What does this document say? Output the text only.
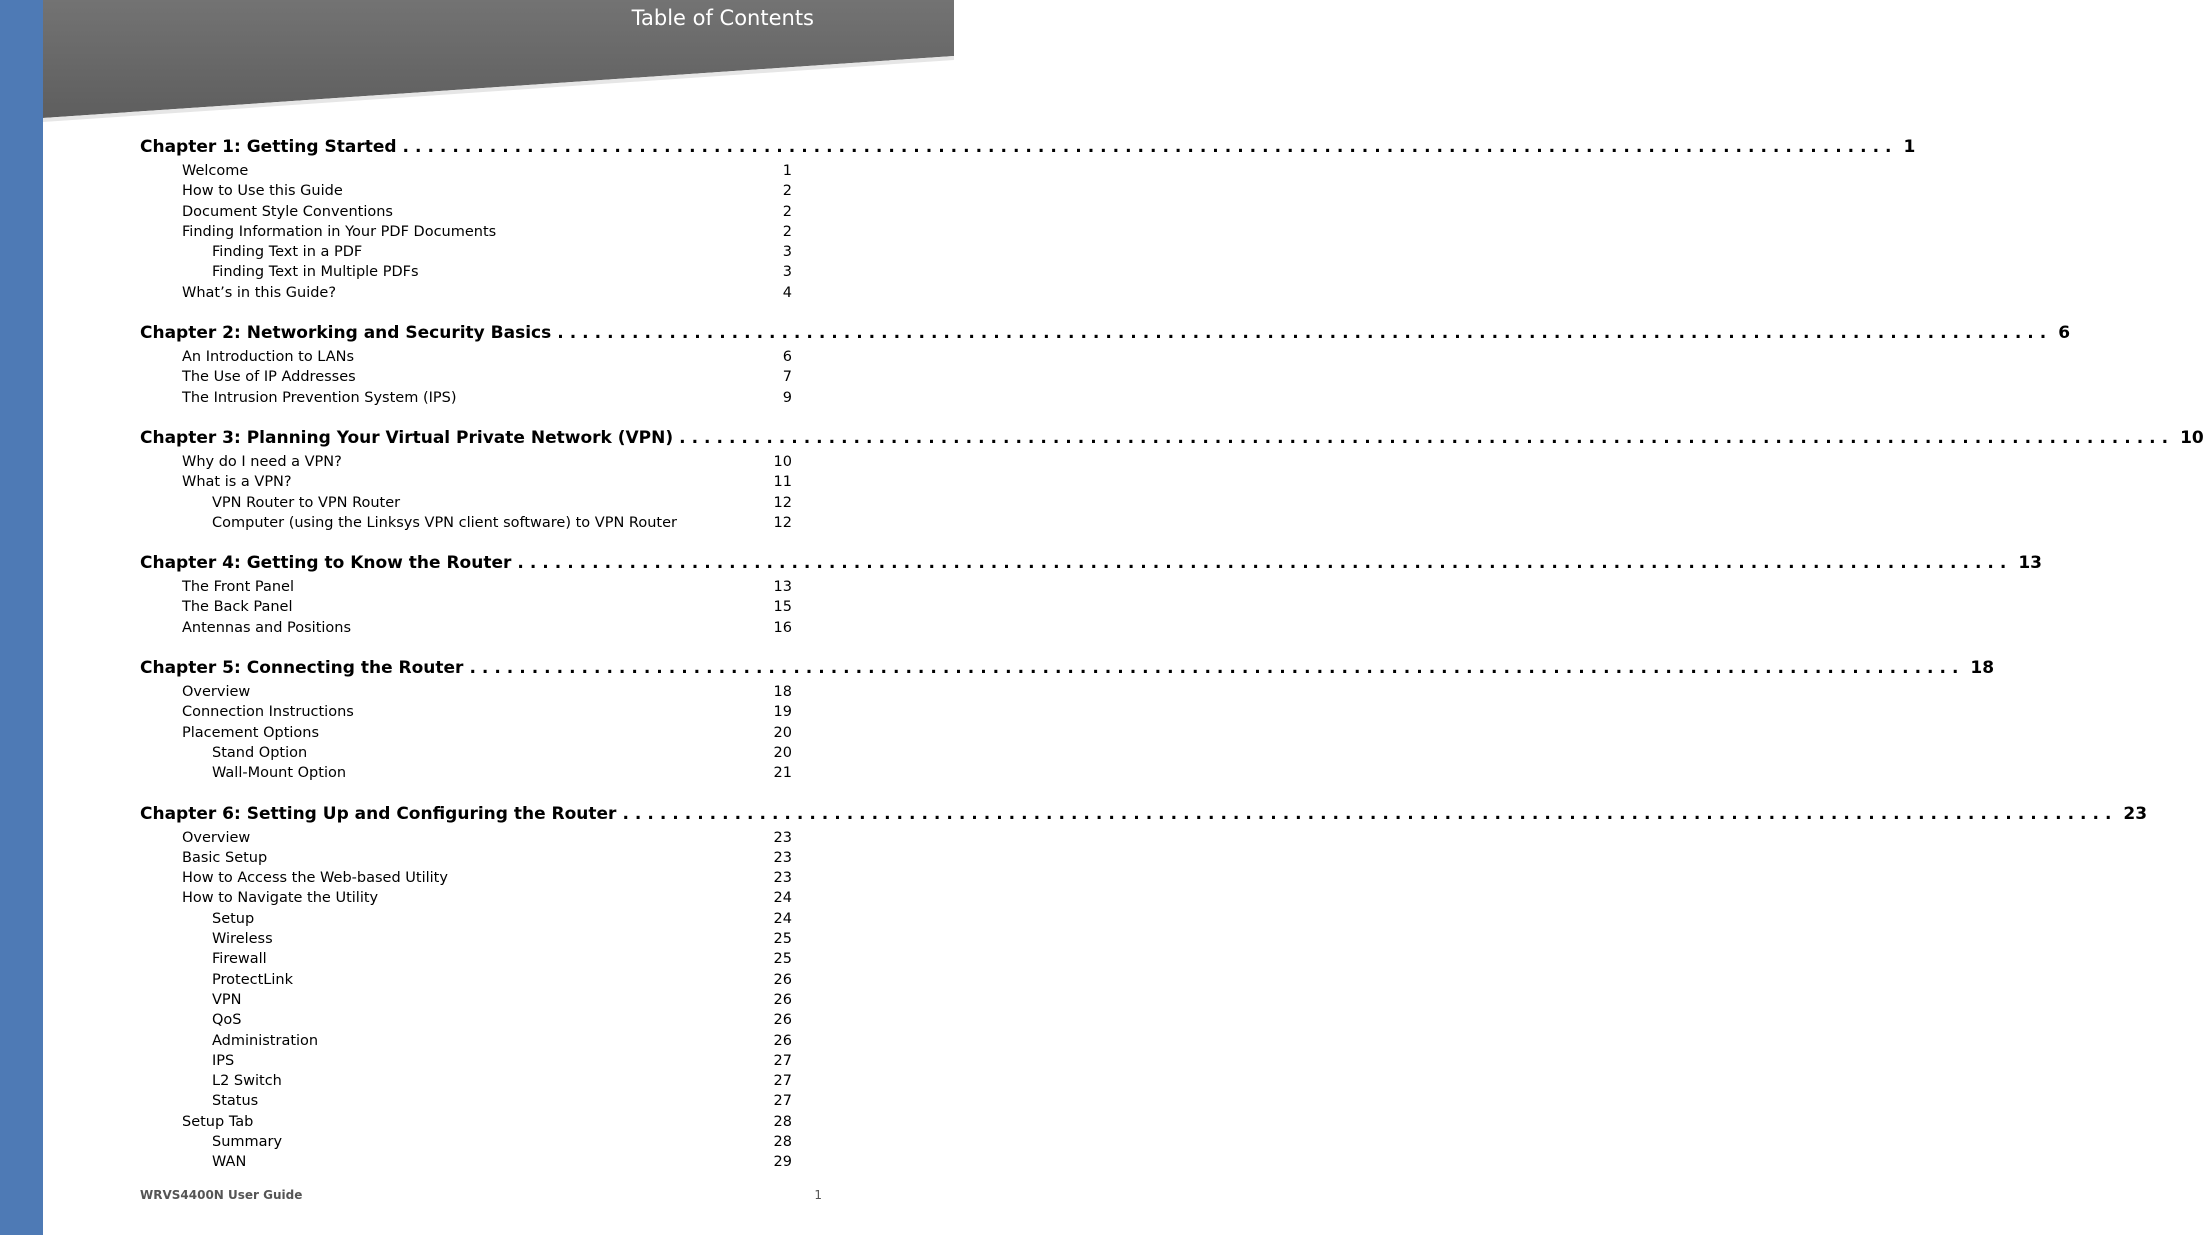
Table of Contents
Chapter 1: Getting Started ........................................................................................................................ 1
Welcome	1
How to Use this Guide	2
Document Style Conventions	2
Finding Information in Your PDF Documents	2
Finding Text in a PDF	3
Finding Text in Multiple PDFs	3
What’s in this Guide?	4
Chapter 2: Networking and Security Basics ........................................................................................................................ 6
An Introduction to LANs	6
The Use of IP Addresses	7
The Intrusion Prevention System (IPS)	9
Chapter 3: Planning Your Virtual Private Network (VPN) ........................................................................................................................ 10
Why do I need a VPN?	10
What is a VPN?	11
VPN Router to VPN Router	12
Computer (using the Linksys VPN client software) to VPN Router	12
Chapter 4: Getting to Know the Router ........................................................................................................................ 13
The Front Panel	13
The Back Panel	15
Antennas and Positions	16
Chapter 5: Connecting the Router ........................................................................................................................ 18
Overview	18
Connection Instructions	19
Placement Options	20
Stand Option	20
Wall-Mount Option	21
Chapter 6: Setting Up and Configuring the Router ........................................................................................................................ 23
Overview	23
Basic Setup	23
How to Access the Web-based Utility	23
How to Navigate the Utility	24
Setup	24
Wireless	25
Firewall	25
ProtectLink	26
VPN	26
QoS	26
Administration	26
IPS	27
L2 Switch	27
Status	27
Setup Tab	28
Summary	28
WAN	29
WRVS4400N User Guide	1
